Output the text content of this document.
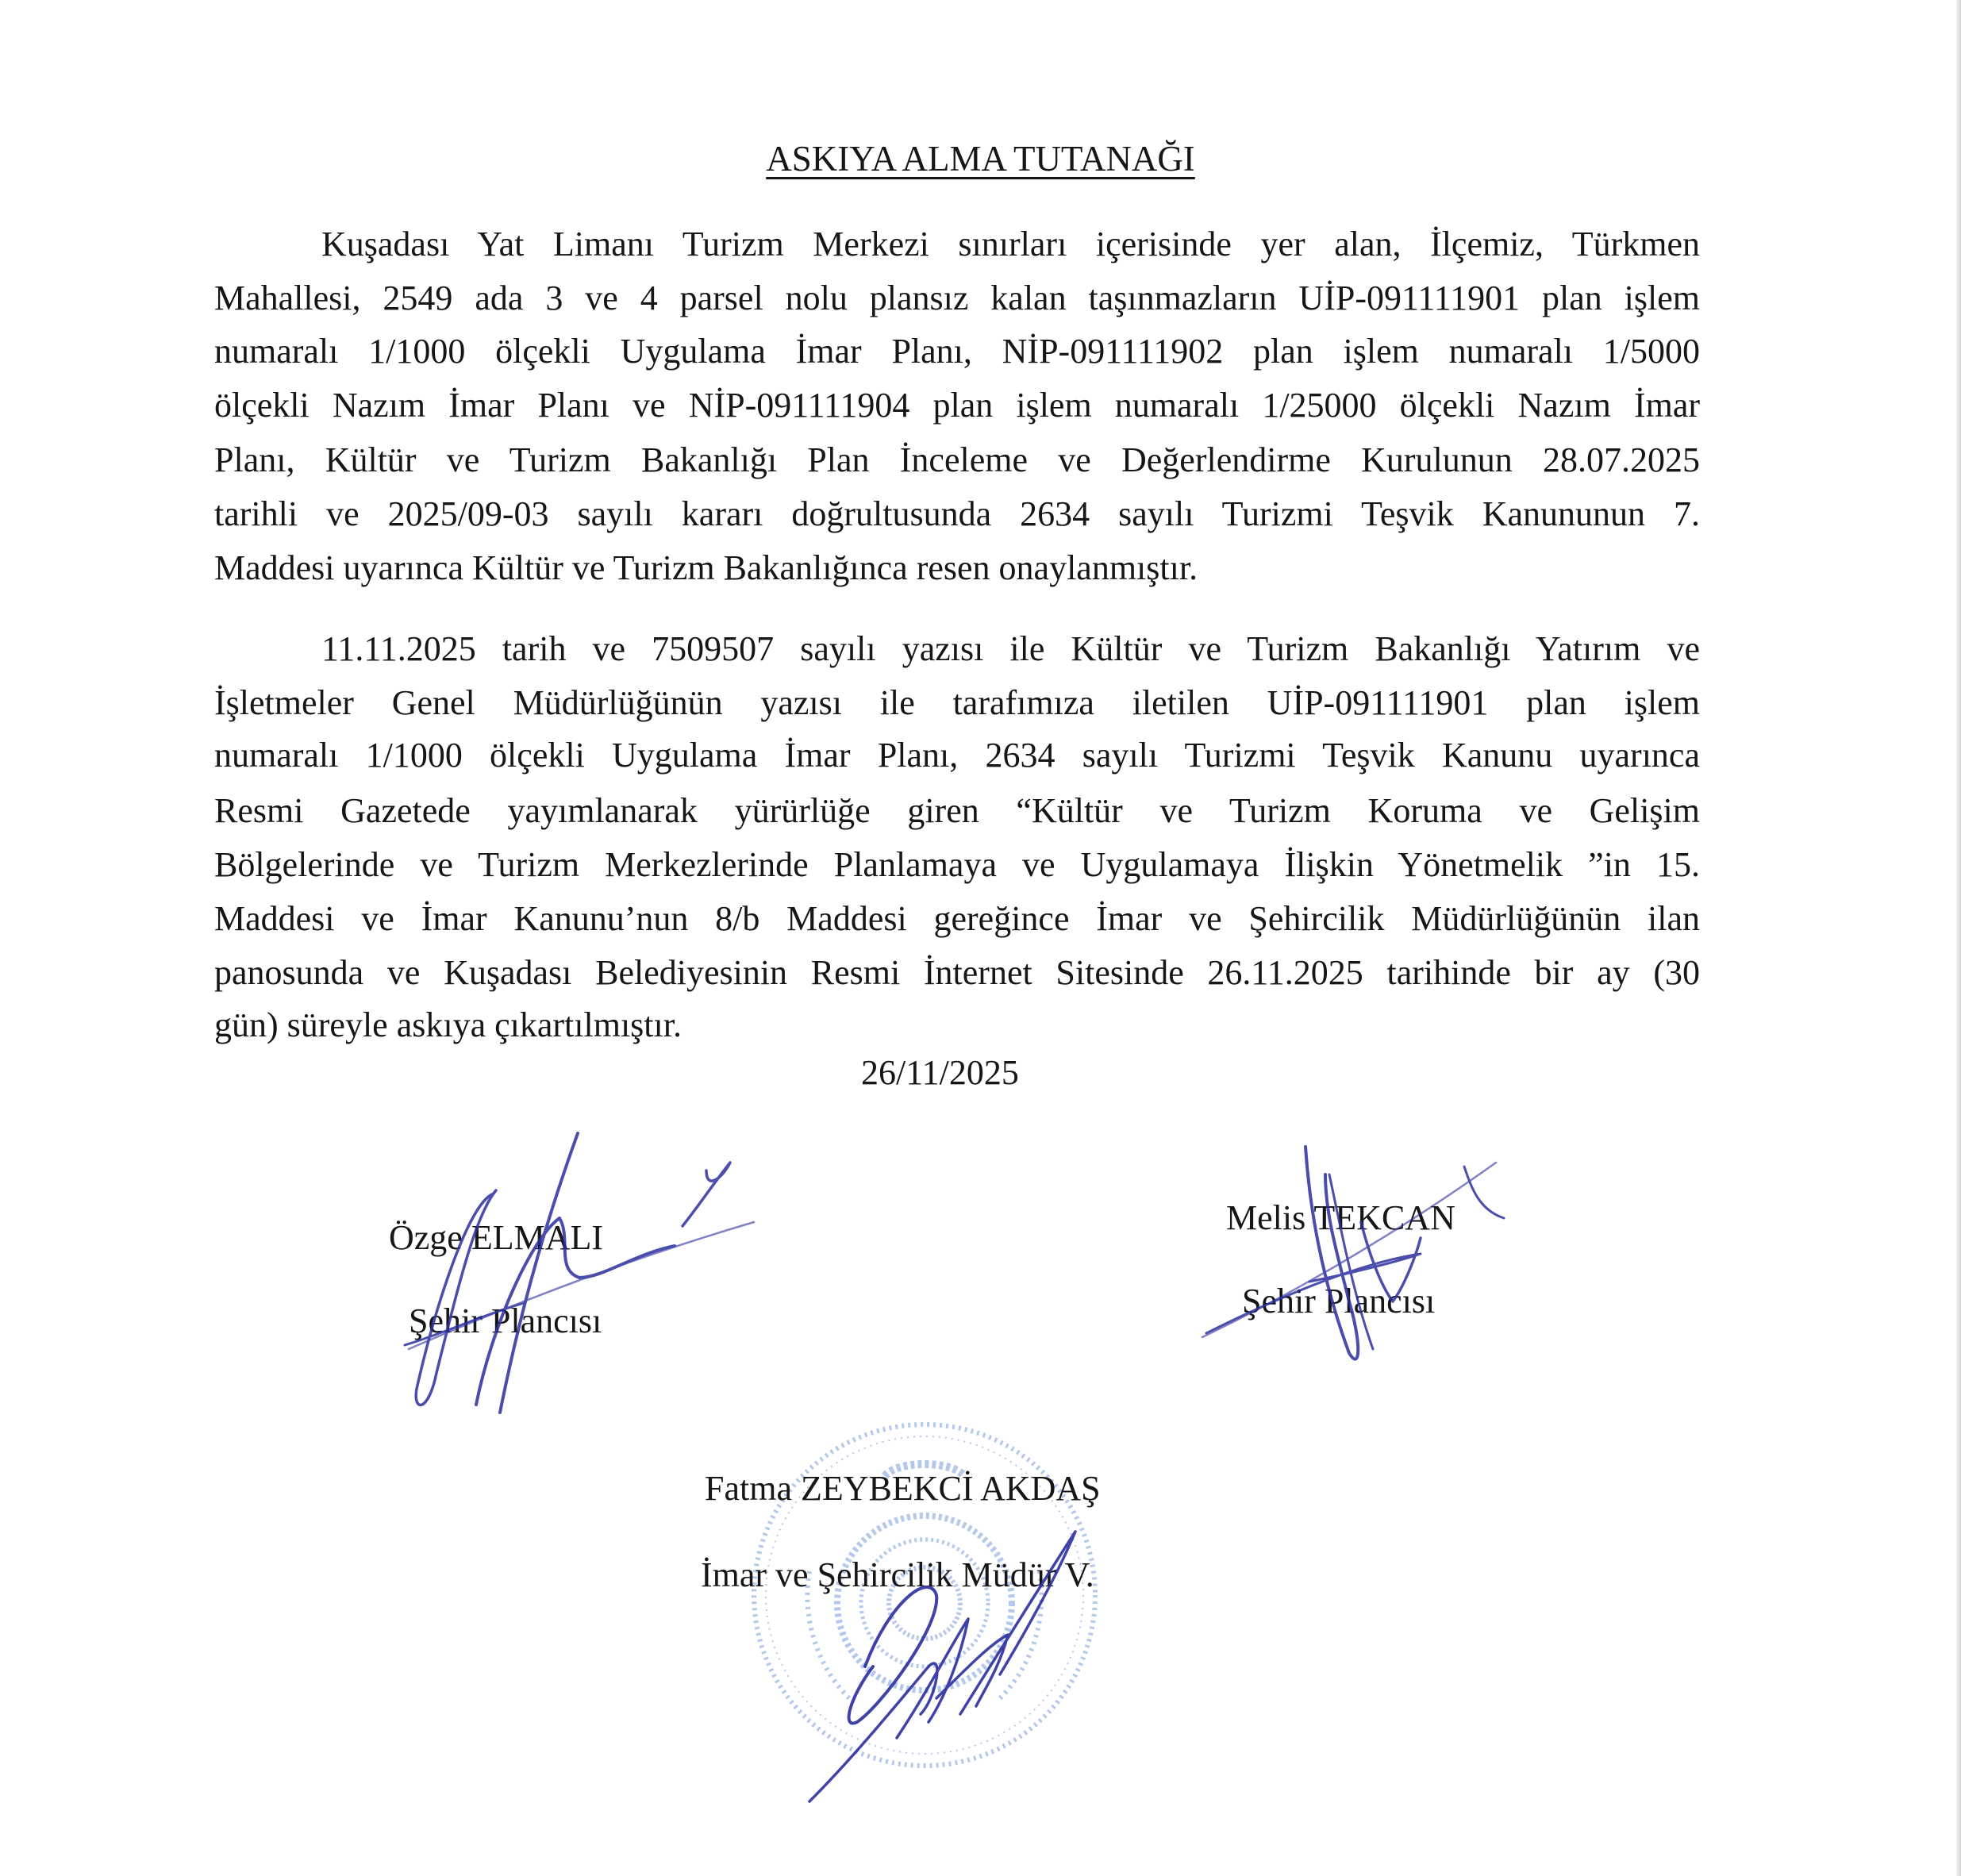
ASKIYA ALMA TUTANAĞI
Kuşadası Yat Limanı Turizm Merkezi sınırları içerisinde yer alan, İlçemiz, Türkmen
Mahallesi, 2549 ada 3 ve 4 parsel nolu plansız kalan taşınmazların UİP-091111901 plan işlem
numaralı 1/1000 ölçekli Uygulama İmar Planı, NİP-091111902 plan işlem numaralı 1/5000
ölçekli Nazım İmar Planı ve NİP-091111904 plan işlem numaralı 1/25000 ölçekli Nazım İmar
Planı, Kültür ve Turizm Bakanlığı Plan İnceleme ve Değerlendirme Kurulunun 28.07.2025
tarihli ve 2025/09-03 sayılı kararı doğrultusunda 2634 sayılı Turizmi Teşvik Kanununun 7.
Maddesi uyarınca Kültür ve Turizm Bakanlığınca resen onaylanmıştır.
11.11.2025 tarih ve 7509507 sayılı yazısı ile Kültür ve Turizm Bakanlığı Yatırım ve
İşletmeler Genel Müdürlüğünün yazısı ile tarafımıza iletilen UİP-091111901 plan işlem
numaralı 1/1000 ölçekli Uygulama İmar Planı, 2634 sayılı Turizmi Teşvik Kanunu uyarınca
Resmi Gazetede yayımlanarak yürürlüğe giren “Kültür ve Turizm Koruma ve Gelişim
Bölgelerinde ve Turizm Merkezlerinde Planlamaya ve Uygulamaya İlişkin Yönetmelik ”in 15.
Maddesi ve İmar Kanunu’nun 8/b Maddesi gereğince İmar ve Şehircilik Müdürlüğünün ilan
panosunda ve Kuşadası Belediyesinin Resmi İnternet Sitesinde 26.11.2025 tarihinde bir ay (30
gün) süreyle askıya çıkartılmıştır.
26/11/2025
Özge ELMALI
Şehir Plancısı
Melis TEKCAN
Şehir Plancısı
Fatma ZEYBEKCİ AKDAŞ
İmar ve Şehircilik Müdür V.
